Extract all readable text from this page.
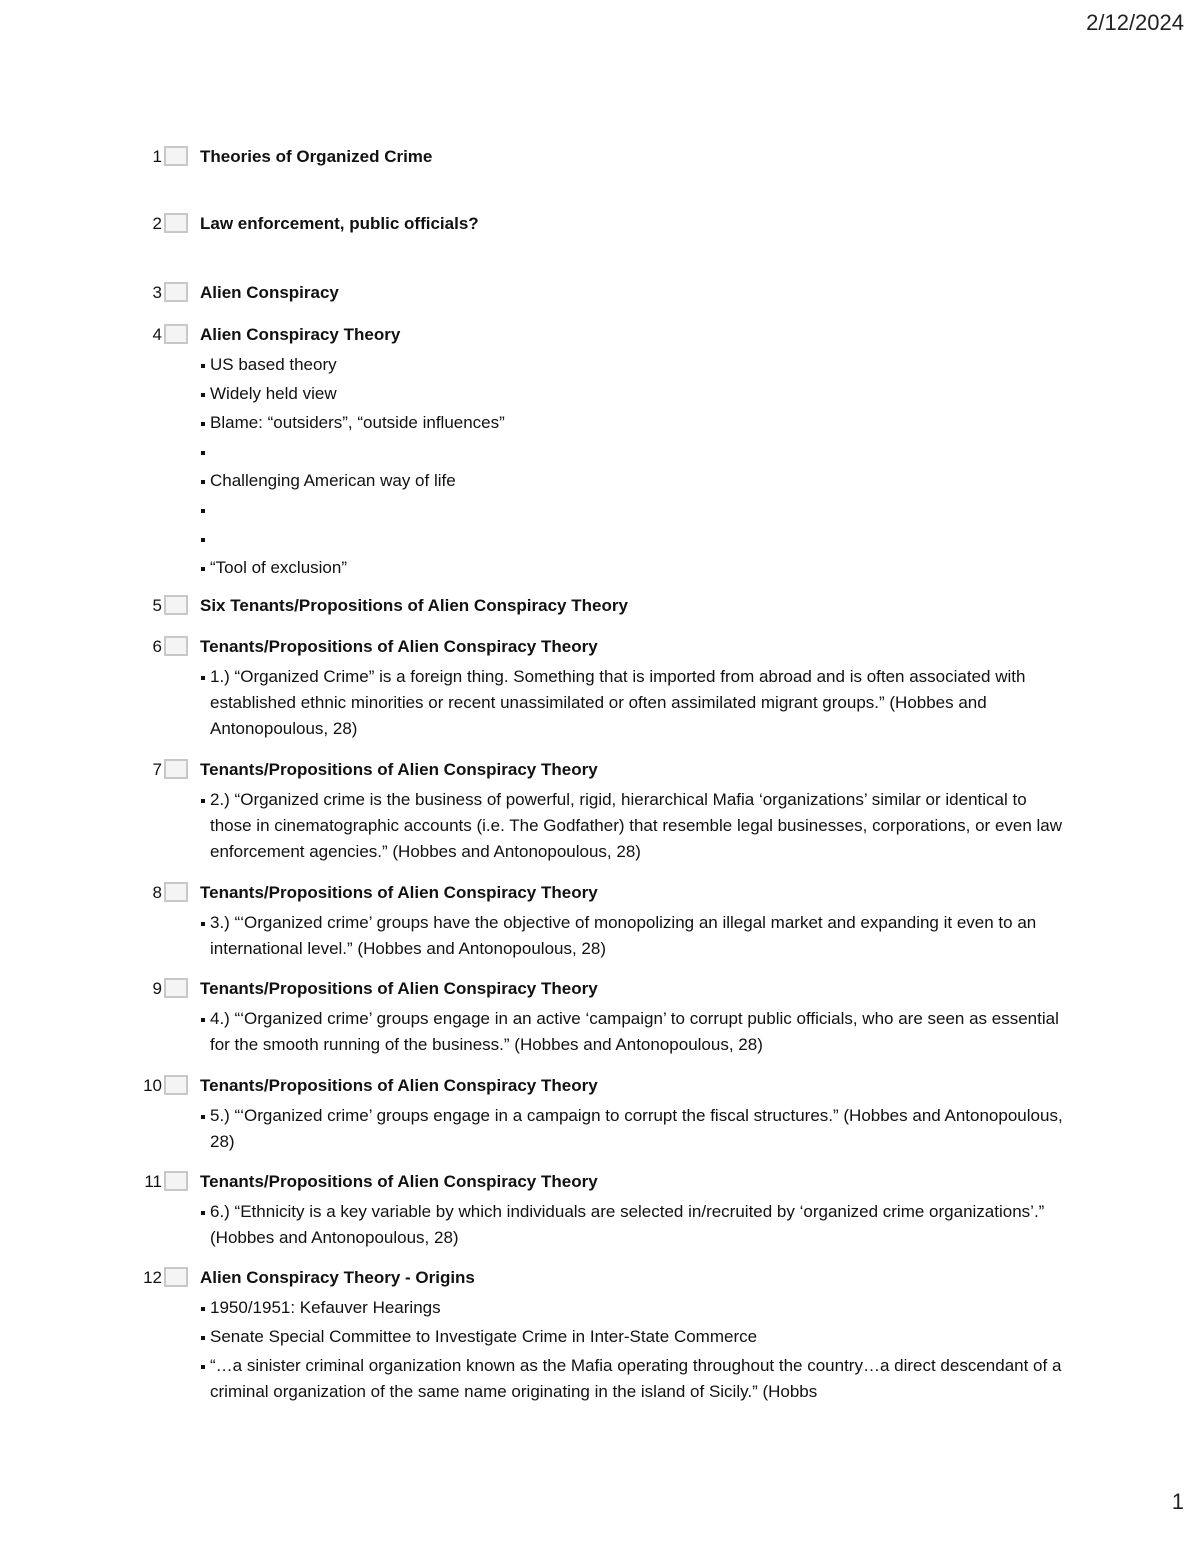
2/12/2024
1 Theories of Organized Crime
2 Law enforcement, public officials?
3 Alien Conspiracy
4 Alien Conspiracy Theory
US based theory
Widely held view
Blame: “outsiders”, “outside influences”
Challenging American way of life
“Tool of exclusion”
5 Six Tenants/Propositions of Alien Conspiracy Theory
6 Tenants/Propositions of Alien Conspiracy Theory
1.) “Organized Crime” is a foreign thing. Something that is imported from abroad and is often associated with established ethnic minorities or recent unassimilated or often assimilated migrant groups.” (Hobbes and Antonopoulous, 28)
7 Tenants/Propositions of Alien Conspiracy Theory
2.) “Organized crime is the business of powerful, rigid, hierarchical Mafia ‘organizations’ similar or identical to those in cinematographic accounts (i.e. The Godfather) that resemble legal businesses, corporations, or even law enforcement agencies.” (Hobbes and Antonopoulous, 28)
8 Tenants/Propositions of Alien Conspiracy Theory
3.) “‘Organized crime’ groups have the objective of monopolizing an illegal market and expanding it even to an international level.” (Hobbes and Antonopoulous, 28)
9 Tenants/Propositions of Alien Conspiracy Theory
4.) “‘Organized crime’ groups engage in an active ‘campaign’ to corrupt public officials, who are seen as essential for the smooth running of the business.” (Hobbes and Antonopoulous, 28)
10 Tenants/Propositions of Alien Conspiracy Theory
5.) “‘Organized crime’ groups engage in a campaign to corrupt the fiscal structures.” (Hobbes and Antonopoulous, 28)
11 Tenants/Propositions of Alien Conspiracy Theory
6.) “Ethnicity is a key variable by which individuals are selected in/recruited by ‘organized crime organizations’.” (Hobbes and Antonopoulous, 28)
12 Alien Conspiracy Theory - Origins
1950/1951: Kefauver Hearings
Senate Special Committee to Investigate Crime in Inter-State Commerce
“…a sinister criminal organization known as the Mafia operating throughout the country…a direct descendant of a criminal organization of the same name originating in the island of Sicily.” (Hobbs
1
